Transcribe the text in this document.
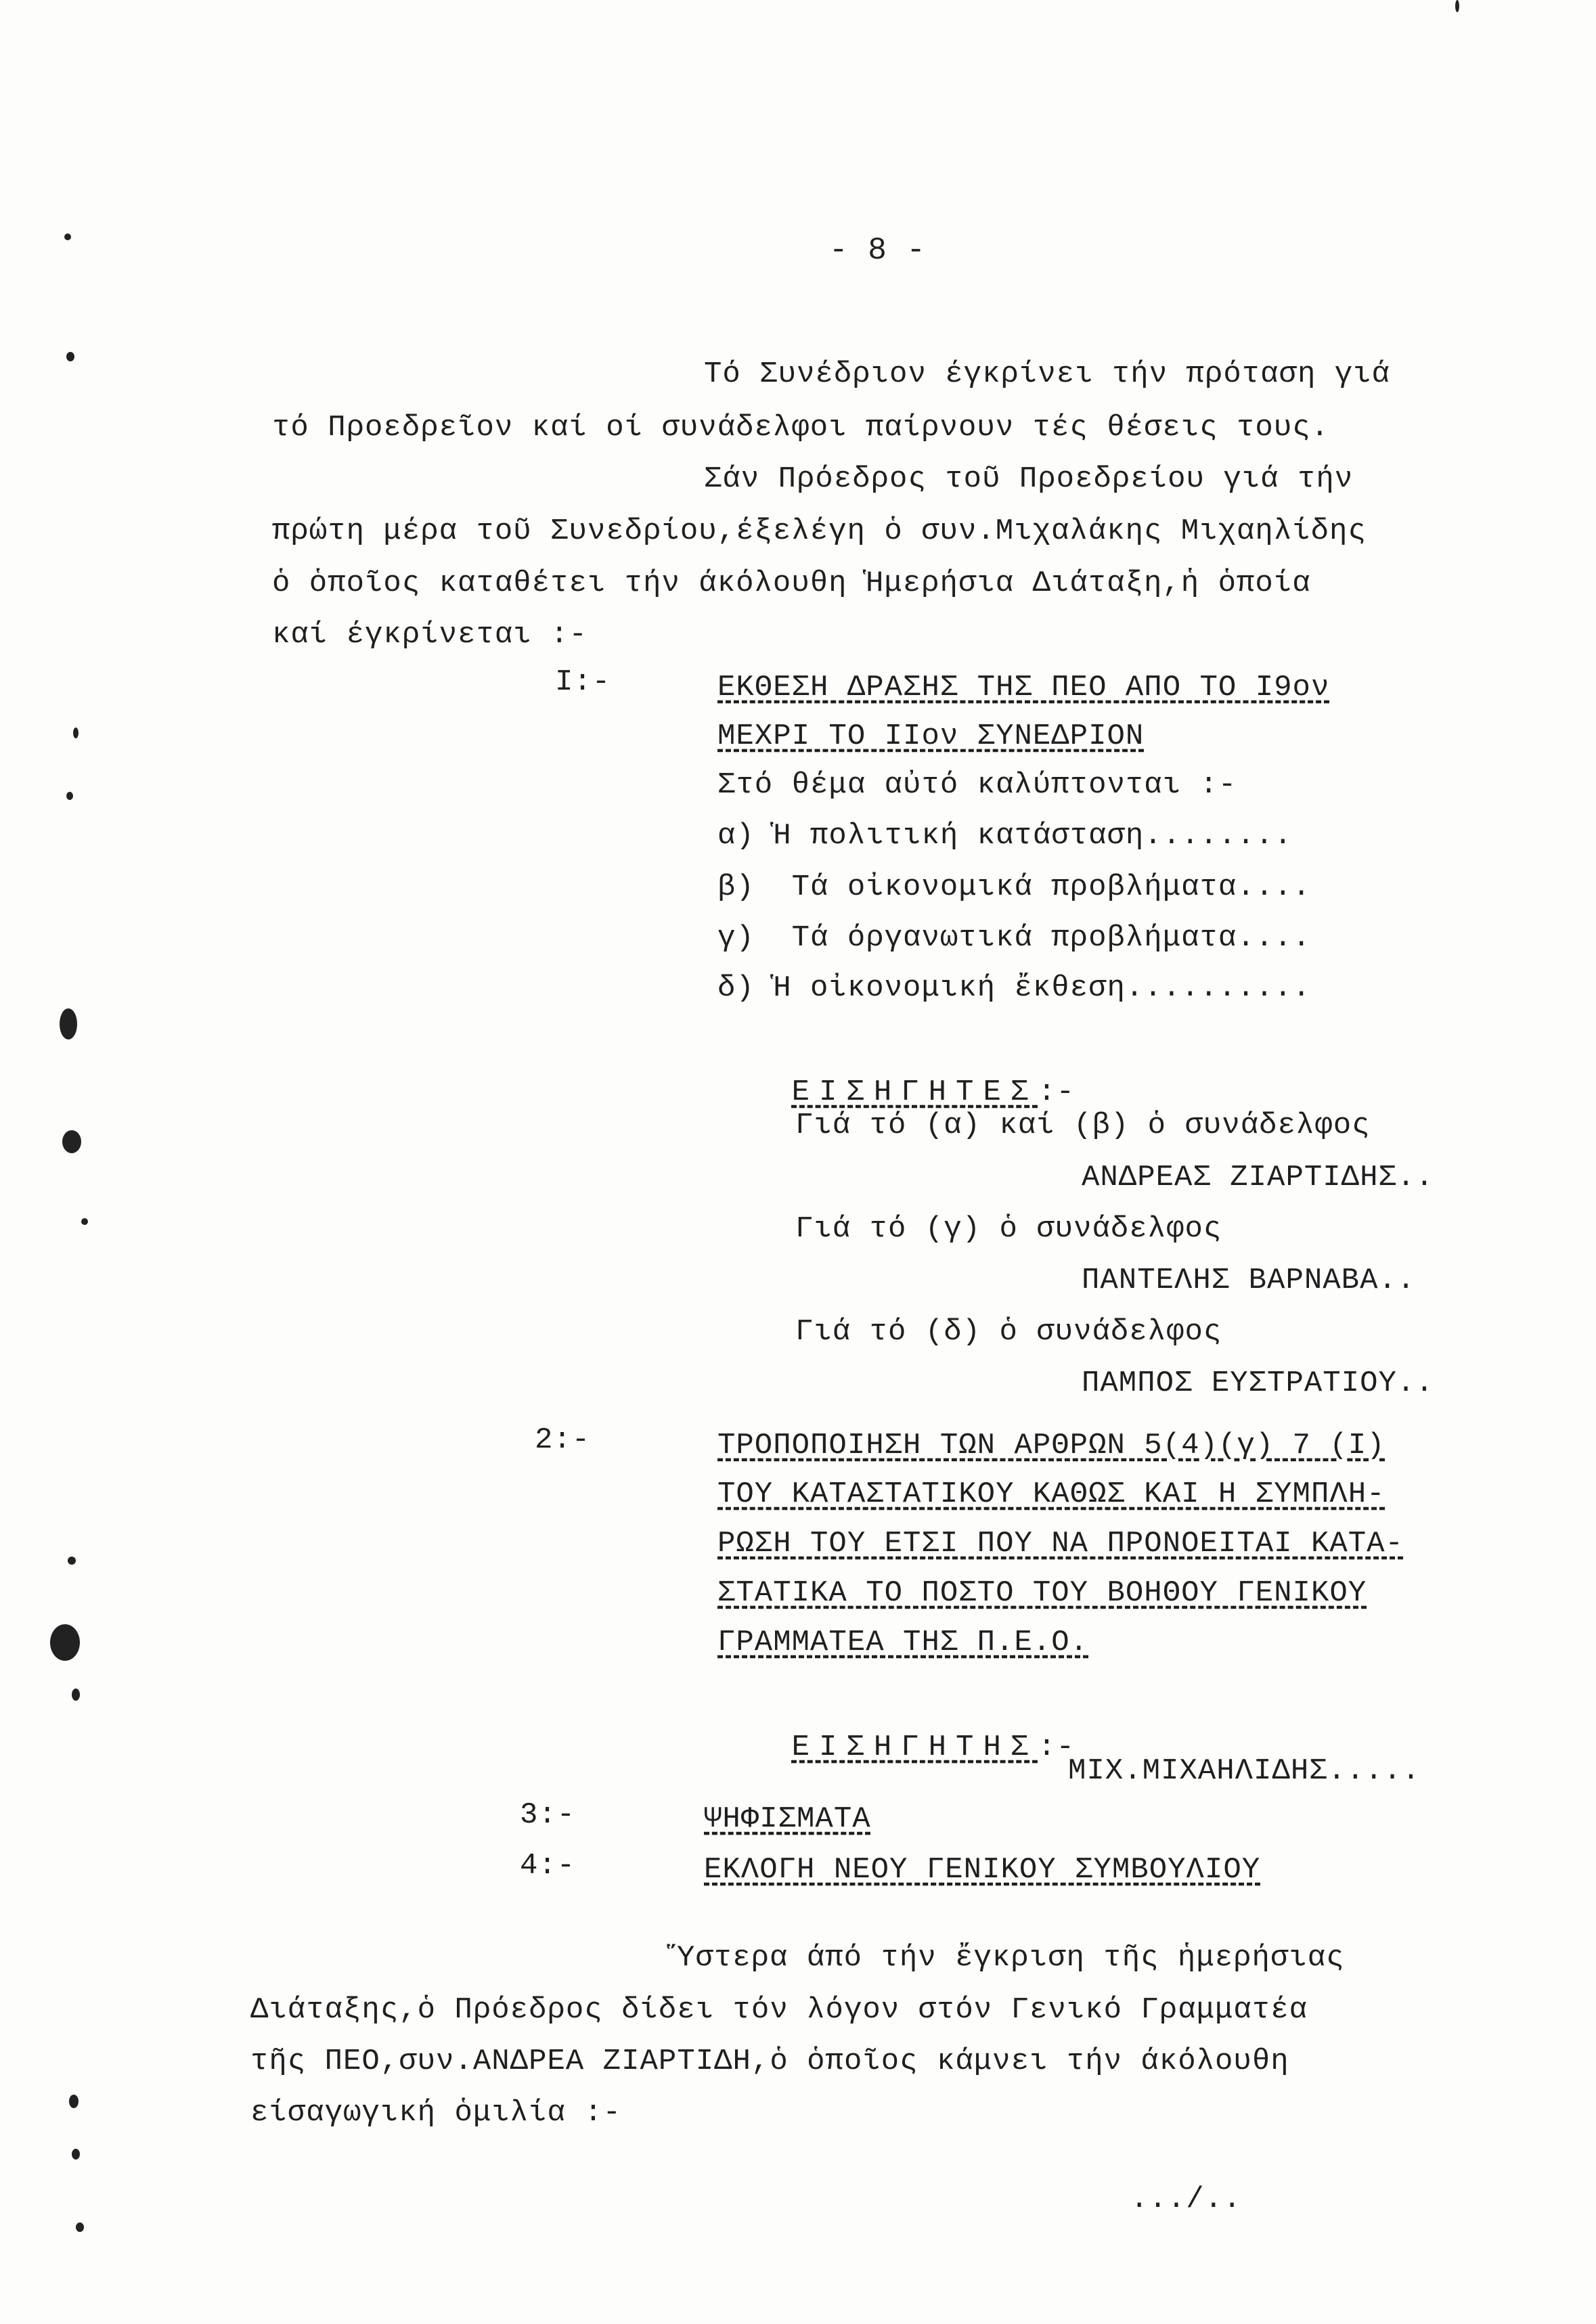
- 8 -
Τό Συνέδριον έγκρίνει τήν πρόταση γιά
τό Προεδρεῖον καί οί συνάδελφοι παίρνουν τές θέσεις τους.
Σάν Πρόεδρος τοῦ Προεδρείου γιά τήν
πρώτη μέρα τοῦ Συνεδρίου,έξελέγη ὁ συν.Μιχαλάκης Μιχαηλίδης
ὁ ὁποῖος καταθέτει τήν άκόλουθη Ἡμερήσια Διάταξη,ἡ ὁποία
καί έγκρίνεται :-
Ι:-	ΕΚΘΕΣΗ ΔΡΑΣΗΣ ΤΗΣ ΠΕΟ ΑΠΟ ΤΟ Ι9ον
ΜΕΧΡΙ ΤΟ ΙΙον ΣΥΝΕΔΡΙΟΝ
Στό θέμα αὐτό καλύπτονται :-
α) Ἡ πολιτική κατάσταση........
β)  Τά οἰκονομικά προβλήματα....
γ)  Τά όργανωτικά προβλήματα....
δ) Ἡ οἰκονομική ἔκθεση..........

ΕΙΣΗΓΗΤΕΣ:-

Γιά τό (α) καί (β) ὁ συνάδελφος
ΑΝΔΡΕΑΣ ΖΙΑΡΤΙΔΗΣ..
Γιά τό (γ) ὁ συνάδελφος
ΠΑΝΤΕΛΗΣ ΒΑΡΝΑΒΑ..
Γιά τό (δ) ὁ συνάδελφος
ΠΑΜΠΟΣ ΕΥΣΤΡΑΤΙΟΥ..
2:-	ΤΡΟΠΟΠΟΙΗΣΗ ΤΩΝ ΑΡΘΡΩΝ 5(4)(γ) 7 (Ι)
ΤΟΥ ΚΑΤΑΣΤΑΤΙΚΟΥ ΚΑΘΩΣ ΚΑΙ Η ΣΥΜΠΛΗ-
ΡΩΣΗ ΤΟΥ ΕΤΣΙ ΠΟΥ ΝΑ ΠΡΟΝΟΕΙΤΑΙ ΚΑΤΑ-
ΣΤΑΤΙΚΑ ΤΟ ΠΟΣΤΟ ΤΟΥ ΒΟΗΘΟΥ ΓΕΝΙΚΟΥ
ΓΡΑΜΜΑΤΕΑ ΤΗΣ Π.Ε.Ο.

ΕΙΣΗΓΗΤΗΣ:-

ΜΙΧ.ΜΙΧΑΗΛΙΔΗΣ.....
3:-	ΨΗΦΙΣΜΑΤΑ
4:-	ΕΚΛΟΓΗ ΝΕΟΥ ΓΕΝΙΚΟΥ ΣΥΜΒΟΥΛΙΟΥ
Ὕστερα άπό τήν ἔγκριση τῆς ἡμερήσιας
Διάταξης,ὁ Πρόεδρος δίδει τόν λόγον στόν Γενικό Γραμματέα
τῆς ΠΕΟ,συν.ΑΝΔΡΕΑ ΖΙΑΡΤΙΔΗ,ὁ ὁποῖος κάμνει τήν άκόλουθη
είσαγωγική ὁμιλία :-
.../..
